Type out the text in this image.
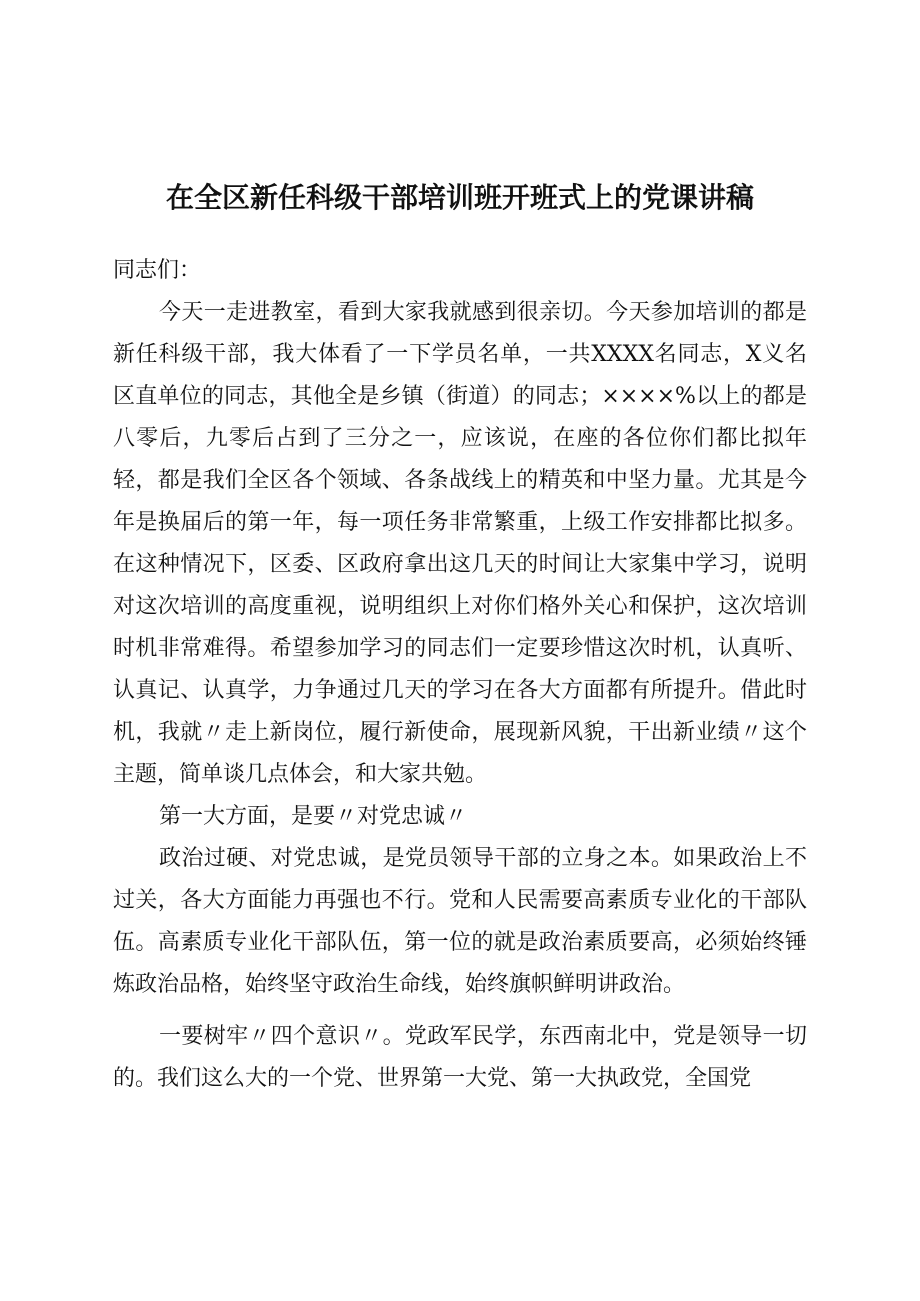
在全区新任科级干部培训班开班式上的党课讲稿

同志们：

今天一走进教室，看到大家我就感到很亲切。今天参加培训的都是新任科级干部，我大体看了一下学员名单，一共XXXX名同志，X义名区直单位的同志，其他全是乡镇（街道）的同志；××××%以上的都是八零后，九零后占到了三分之一，应该说，在座的各位你们都比拟年轻，都是我们全区各个领域、各条战线上的精英和中坚力量。尤其是今年是换届后的第一年，每一项任务非常繁重，上级工作安排都比拟多。在这种情况下，区委、区政府拿出这几天的时间让大家集中学习，说明对这次培训的高度重视，说明组织上对你们格外关心和保护，这次培训时机非常难得。希望参加学习的同志们一定要珍惜这次时机，认真听、认真记、认真学，力争通过几天的学习在各大方面都有所提升。借此时机，我就〃走上新岗位，履行新使命，展现新风貌，干出新业绩〃这个主题，简单谈几点体会，和大家共勉。

第一大方面，是要〃对党忠诚〃

政治过硬、对党忠诚，是党员领导干部的立身之本。如果政治上不过关，各大方面能力再强也不行。党和人民需要高素质专业化的干部队伍。高素质专业化干部队伍，第一位的就是政治素质要高，必须始终锤炼政治品格，始终坚守政治生命线，始终旗帜鲜明讲政治。

一要树牢〃四个意识〃。党政军民学，东西南北中，党是领导一切的。我们这么大的一个党、世界第一大党、第一大执政党，全国党
